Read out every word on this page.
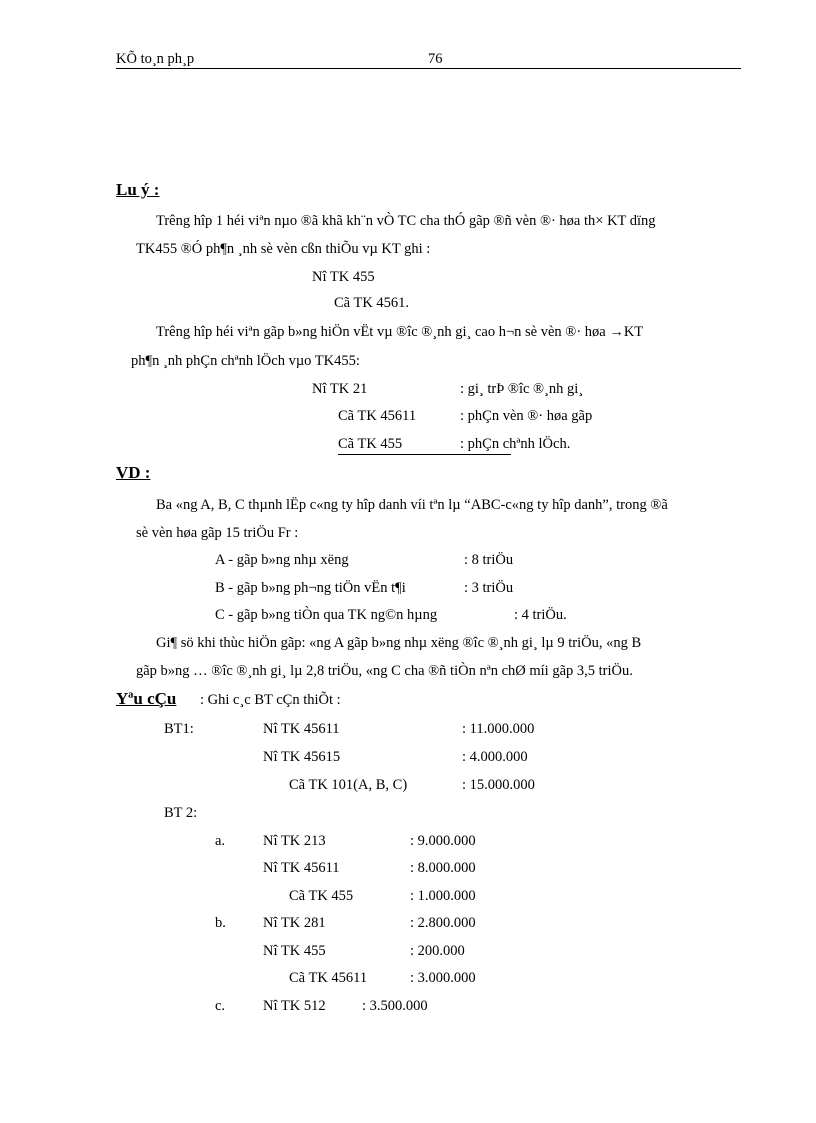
KÕ to¸n ph¸p	76
Lu ý :
Trêng hîp 1 héi viªn nµo ®ã khã kh¨n vÒ TC cha thÓ gãp ®ñ vèn ®· høa th× KT dïng
TK455 ®Ó ph¶n ¸nh sè vèn cßn thiÕu vµ KT ghi :
Nî TK 455
Cã TK 4561.
Trêng hîp héi viªn gãp b»ng hiÖn vËt vµ ®îc ®¸nh gi¸ cao h¬n sè vèn ®· høa →KT
ph¶n ¸nh phÇn chªnh lÖch vµo TK455:
Nî TK 21	: gi¸ trÞ ®îc ®¸nh gi¸
Cã TK 45611	: phÇn vèn ®· høa gãp
Cã TK 455	: phÇn chªnh lÖch.
VD :
Ba «ng A, B, C thµnh lËp c«ng ty hîp danh víi tªn lµ “ABC-c«ng ty hîp danh”, trong ®ã
sè vèn høa gãp 15 triÖu Fr :
A - gãp b»ng nhµ xëng	: 8 triÖu
B - gãp b»ng ph¬ng tiÖn vËn t¶i	: 3 triÖu
C - gãp b»ng tiÒn qua TK ng©n hµng	: 4 triÖu.
Gi¶ sö khi thùc hiÖn gãp: «ng A gãp b»ng nhµ xëng ®îc ®¸nh gi¸ lµ 9 triÖu, «ng B
gãp b»ng … ®îc ®¸nh gi¸ lµ 2,8 triÖu, «ng C cha ®ñ tiÒn nªn chØ míi gãp 3,5 triÖu.
Yªu cÇu : Ghi c¸c BT cÇn thiÕt :
BT1:	Nî TK 45611	: 11.000.000
Nî TK 45615	: 4.000.000
Cã TK 101(A, B, C)	: 15.000.000
BT 2:
a.	Nî TK 213	: 9.000.000
Nî TK 45611	: 8.000.000
Cã TK 455	: 1.000.000
b.	Nî TK 281	: 2.800.000
Nî TK 455	: 200.000
Cã TK 45611	: 3.000.000
c.	Nî TK 512	: 3.500.000
